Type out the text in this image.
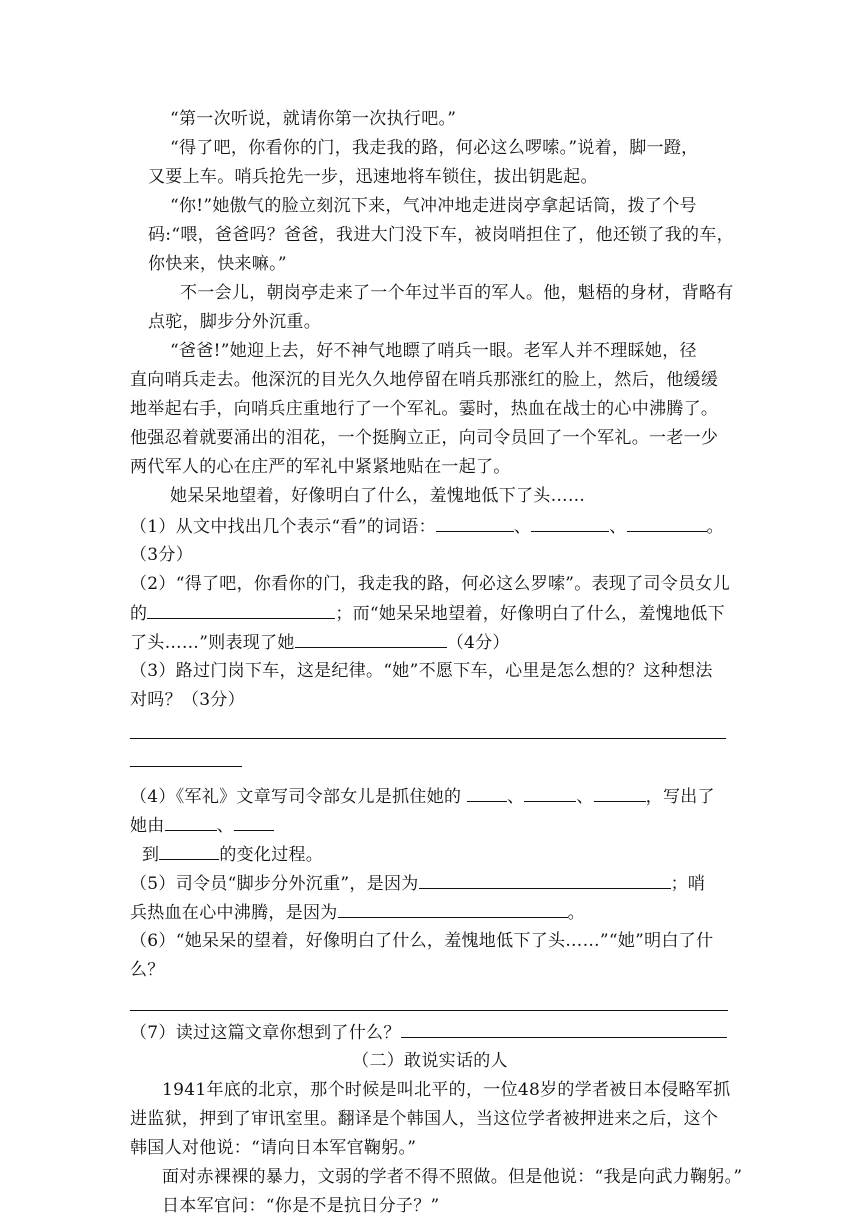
“第一次听说，就请你第一次执行吧。”
“得了吧，你看你的门，我走我的路，何必这么啰嗦。”说着，脚一蹬，
又要上车。哨兵抢先一步，迅速地将车锁住，拔出钥匙起。
“你!”她傲气的脸立刻沉下来，气冲冲地走进岗亭拿起话筒，拨了个号
码:“喂，爸爸吗？爸爸，我进大门没下车，被岗哨担住了，他还锁了我的车，
你快来，快来嘛。”
不一会儿，朝岗亭走来了一个年过半百的军人。他，魁梧的身材，背略有
点驼，脚步分外沉重。
“爸爸!”她迎上去，好不神气地瞟了哨兵一眼。老军人并不理睬她，径
直向哨兵走去。他深沉的目光久久地停留在哨兵那涨红的脸上，然后，他缓缓
地举起右手，向哨兵庄重地行了一个军礼。霎时，热血在战士的心中沸腾了。
他强忍着就要涌出的泪花，一个挺胸立正，向司令员回了一个军礼。一老一少
两代军人的心在庄严的军礼中紧紧地贴在一起了。
她呆呆地望着，好像明白了什么，羞愧地低下了头……
（1）从文中找出几个表示“看”的词语：	、	、	。
（3分）
（2）“得了吧，你看你的门，我走我的路，何必这么罗嗦”。表现了司令员女儿
的	；而“她呆呆地望着，好像明白了什么，羞愧地低下
了头……”则表现了她	（4分）
（3）路过门岗下车，这是纪律。“她”不愿下车，心里是怎么想的？这种想法
对吗？（3分）
（4）《军礼》文章写司令部女儿是抓住她的 、	、	，写出了
她由	、
到	的变化过程。
（5）司令员“脚步分外沉重”，是因为	；哨
兵热血在心中沸腾，是因为	。
（6）“她呆呆的望着，好像明白了什么，羞愧地低下了头……”“她”明白了什
么？
（7）读过这篇文章你想到了什么？
（二）敢说实话的人
1941年底的北京，那个时候是叫北平的，一位48岁的学者被日本侵略军抓
进监狱，押到了审讯室里。翻译是个韩国人，当这位学者被押进来之后，这个
韩国人对他说：“请向日本军官鞠躬。”
面对赤裸裸的暴力，文弱的学者不得不照做。但是他说：“我是向武力鞠躬。”
日本军官问：“你是不是抗日分子？”
